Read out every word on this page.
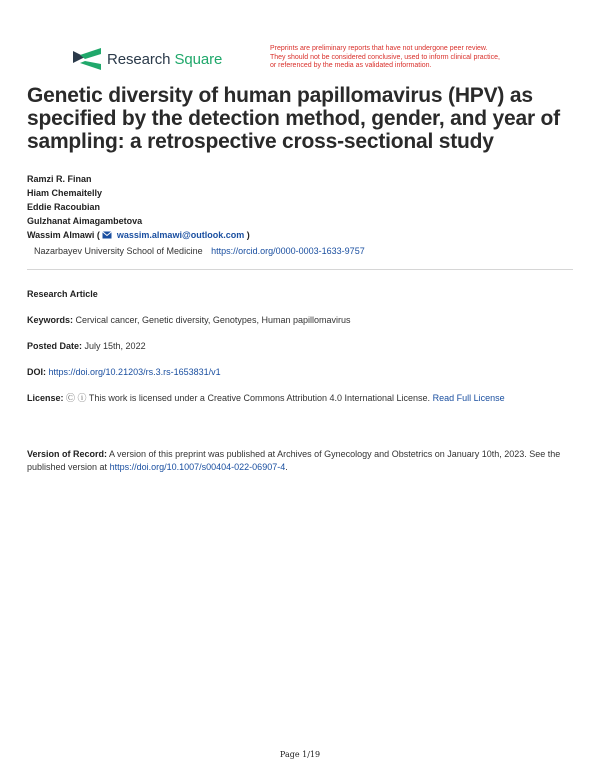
Research Square
Preprints are preliminary reports that have not undergone peer review.
They should not be considered conclusive, used to inform clinical practice,
or referenced by the media as validated information.
Genetic diversity of human papillomavirus (HPV) as specified by the detection method, gender, and year of sampling: a retrospective cross-sectional study
Ramzi R. Finan
Hiam Chemaitelly
Eddie Racoubian
Gulzhanat Aimagambetova
Wassim Almawi ( wassim.almawi@outlook.com )
Nazarbayev University School of Medicine https://orcid.org/0000-0003-1633-9757
Research Article
Keywords: Cervical cancer, Genetic diversity, Genotypes, Human papillomavirus
Posted Date: July 15th, 2022
DOI: https://doi.org/10.21203/rs.3.rs-1653831/v1
License: Ⓒ ⓘ This work is licensed under a Creative Commons Attribution 4.0 International License. Read Full License
Version of Record: A version of this preprint was published at Archives of Gynecology and Obstetrics on January 10th, 2023. See the published version at https://doi.org/10.1007/s00404-022-06907-4.
Page 1/19
